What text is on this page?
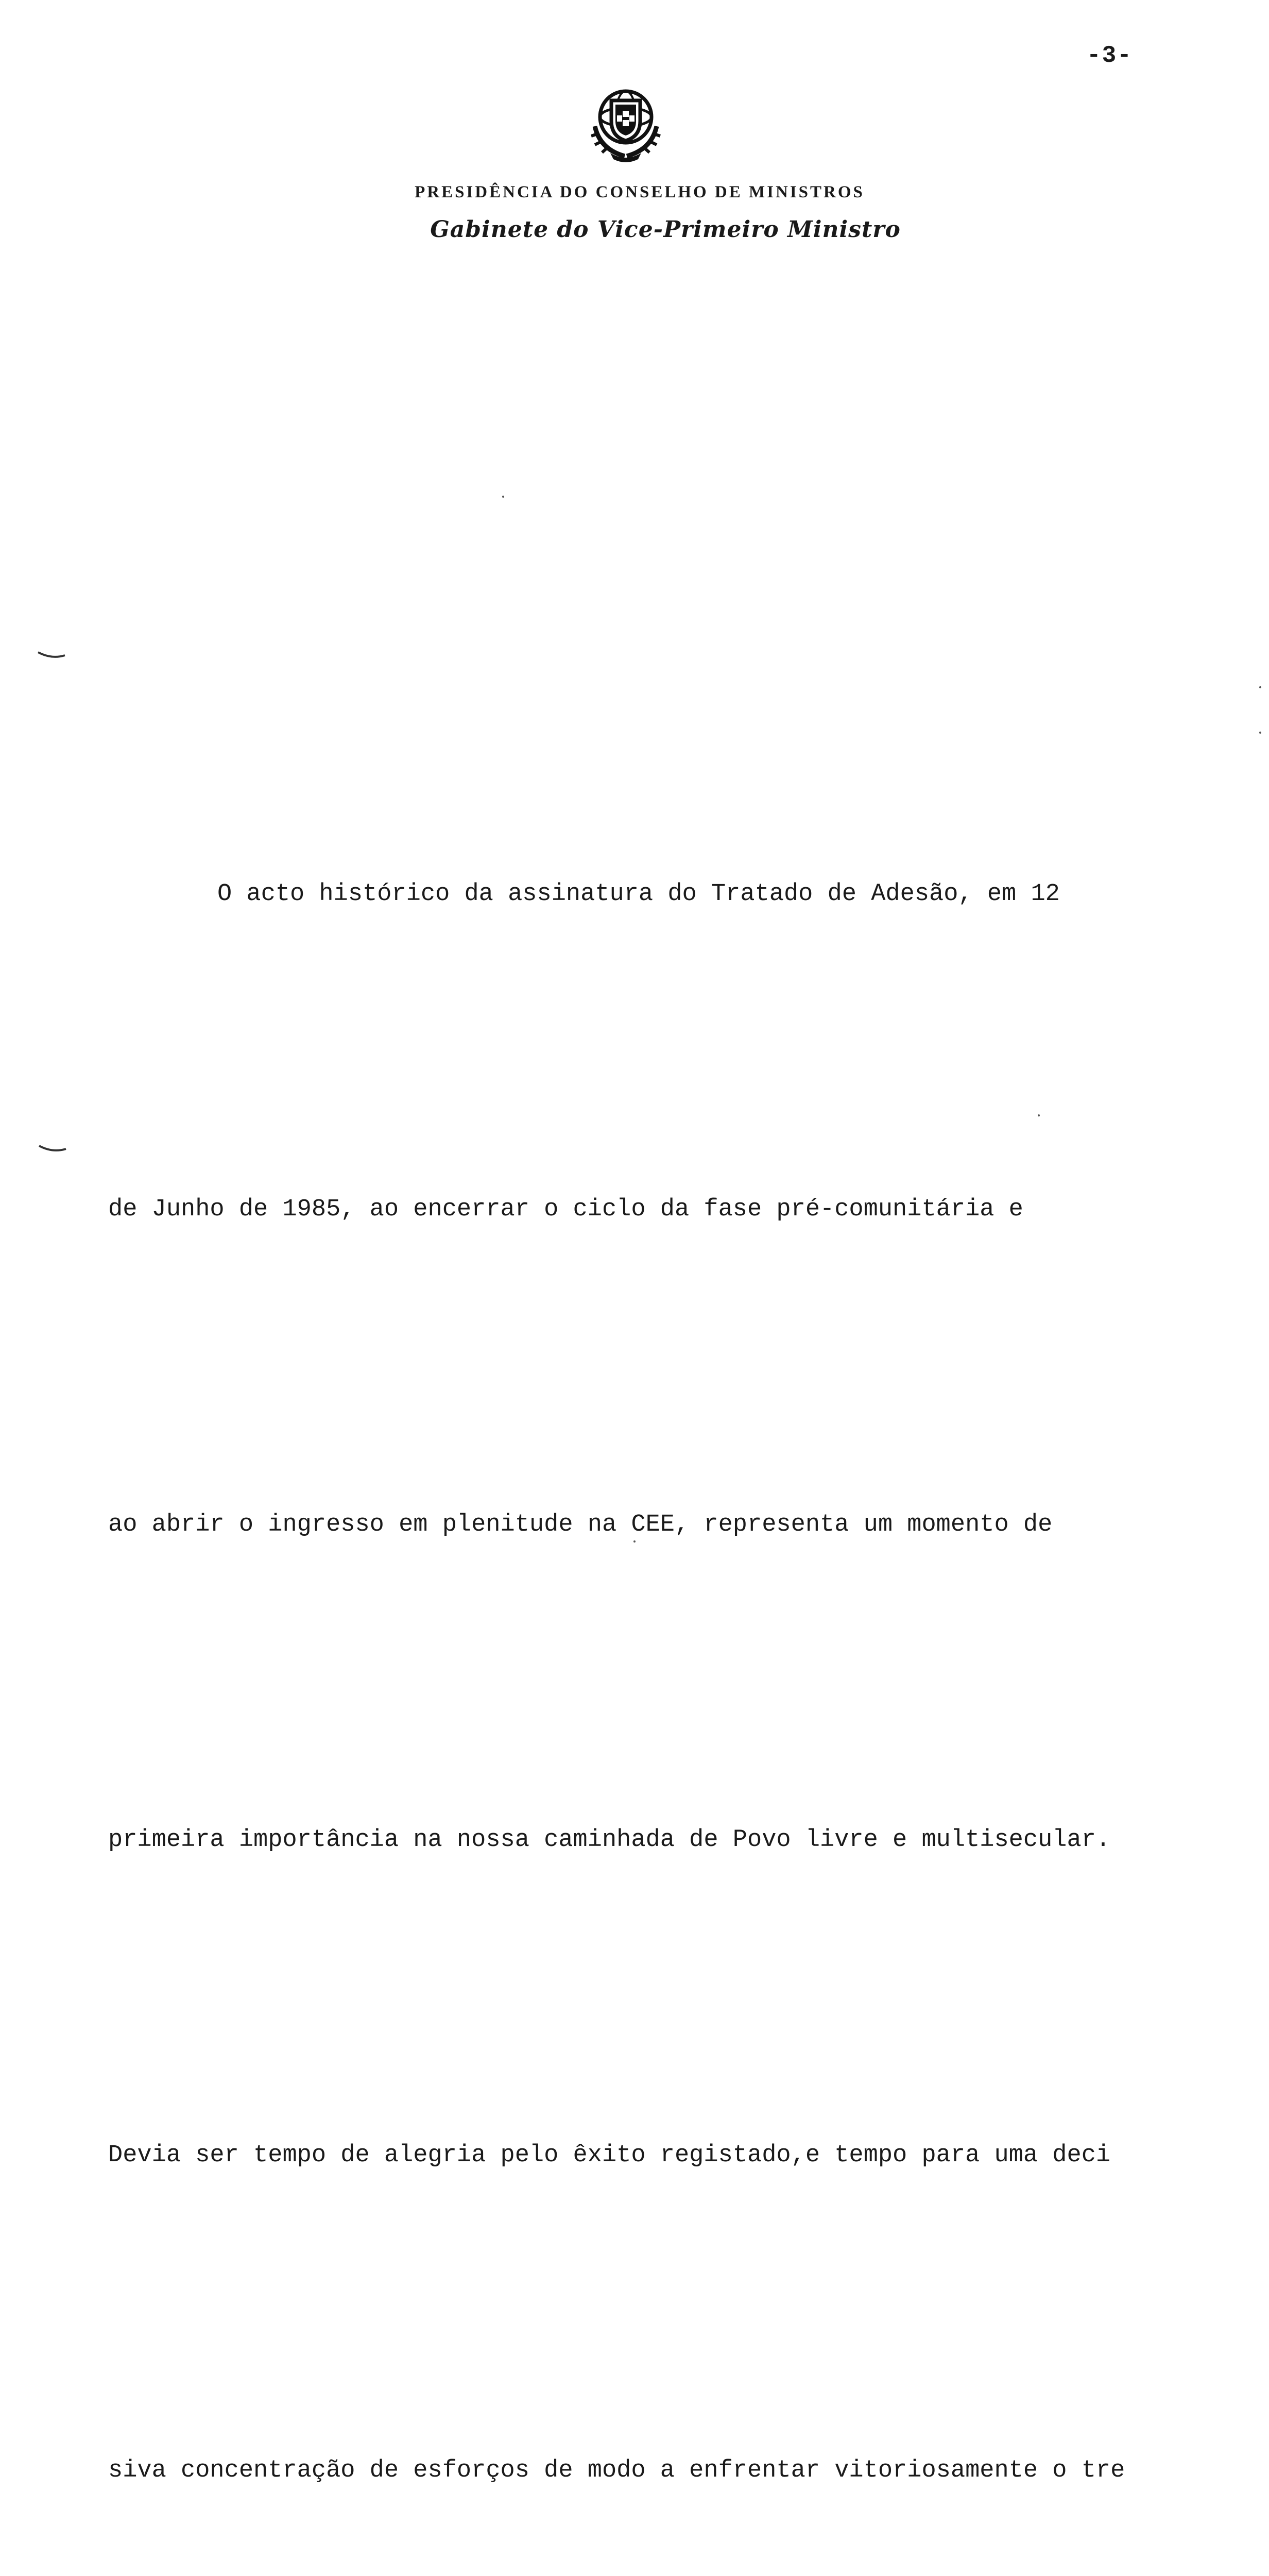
-3-
PRESIDÊNCIA DO CONSELHO DE MINISTROS
Gabinete do Vice-Primeiro Ministro

O acto histórico da assinatura do Tratado de Adesão, em 12

de Junho de 1985, ao encerrar o ciclo da fase pré-comunitária e

ao abrir o ingresso em plenitude na CEE, representa um momento de

primeira importância na nossa caminhada de Povo livre e multisecular.

Devia ser tempo de alegria pelo êxito registado,e tempo para uma deci

siva concentração de esforços de modo a enfrentar vitoriosamente o tre
